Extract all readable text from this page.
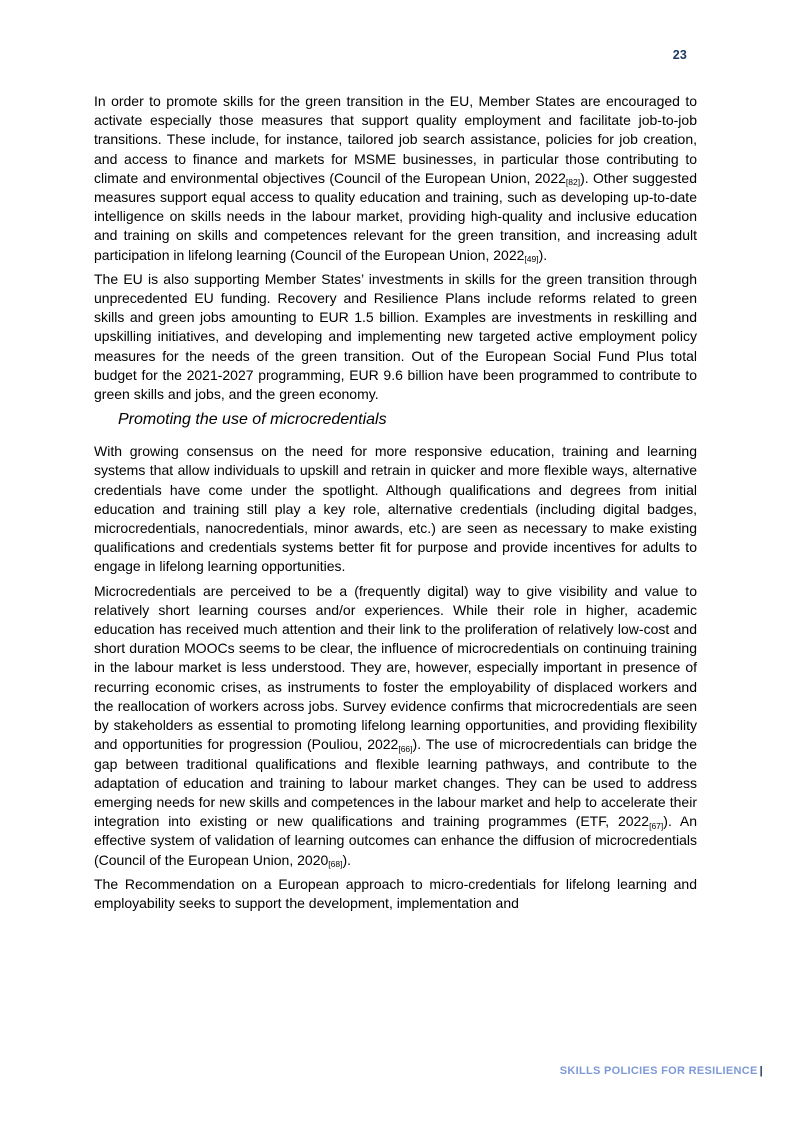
23

In order to promote skills for the green transition in the EU, Member States are encouraged to activate especially those measures that support quality employment and facilitate job-to-job transitions. These include, for instance, tailored job search assistance, policies for job creation, and access to finance and markets for MSME businesses, in particular those contributing to climate and environmental objectives (Council of the European Union, $2022_{[82]}$). Other suggested measures support equal access to quality education and training, such as developing up-to-date intelligence on skills needs in the labour market, providing high-quality and inclusive education and training on skills and competences relevant for the green transition, and increasing adult participation in lifelong learning (Council of the European Union, $2022_{[49]}$).

The EU is also supporting Member States’ investments in skills for the green transition through unprecedented EU funding. Recovery and Resilience Plans include reforms related to green skills and green jobs amounting to EUR 1.5 billion. Examples are investments in reskilling and upskilling initiatives, and developing and implementing new targeted active employment policy measures for the needs of the green transition. Out of the European Social Fund Plus total budget for the 2021-2027 programming, EUR 9.6 billion have been programmed to contribute to green skills and jobs, and the green economy.

Promoting the use of microcredentials

With growing consensus on the need for more responsive education, training and learning systems that allow individuals to upskill and retrain in quicker and more flexible ways, alternative credentials have come under the spotlight. Although qualifications and degrees from initial education and training still play a key role, alternative credentials (including digital badges, microcredentials, nanocredentials, minor awards, etc.) are seen as necessary to make existing qualifications and credentials systems better fit for purpose and provide incentives for adults to engage in lifelong learning opportunities.

Microcredentials are perceived to be a (frequently digital) way to give visibility and value to relatively short learning courses and/or experiences. While their role in higher, academic education has received much attention and their link to the proliferation of relatively low-cost and short duration MOOCs seems to be clear, the influence of microcredentials on continuing training in the labour market is less understood. They are, however, especially important in presence of recurring economic crises, as instruments to foster the employability of displaced workers and the reallocation of workers across jobs. Survey evidence confirms that microcredentials are seen by stakeholders as essential to promoting lifelong learning opportunities, and providing flexibility and opportunities for progression (Pouliou, $2022_{[66]}$). The use of microcredentials can bridge the gap between traditional qualifications and flexible learning pathways, and contribute to the adaptation of education and training to labour market changes. They can be used to address emerging needs for new skills and competences in the labour market and help to accelerate their integration into existing or new qualifications and training programmes (ETF, $2022_{[67]}$). An effective system of validation of learning outcomes can enhance the diffusion of microcredentials (Council of the European Union, $2020_{[68]}$).

The Recommendation on a European approach to micro-credentials for lifelong learning and employability seeks to support the development, implementation and

SKILLS POLICIES FOR RESILIENCE |
